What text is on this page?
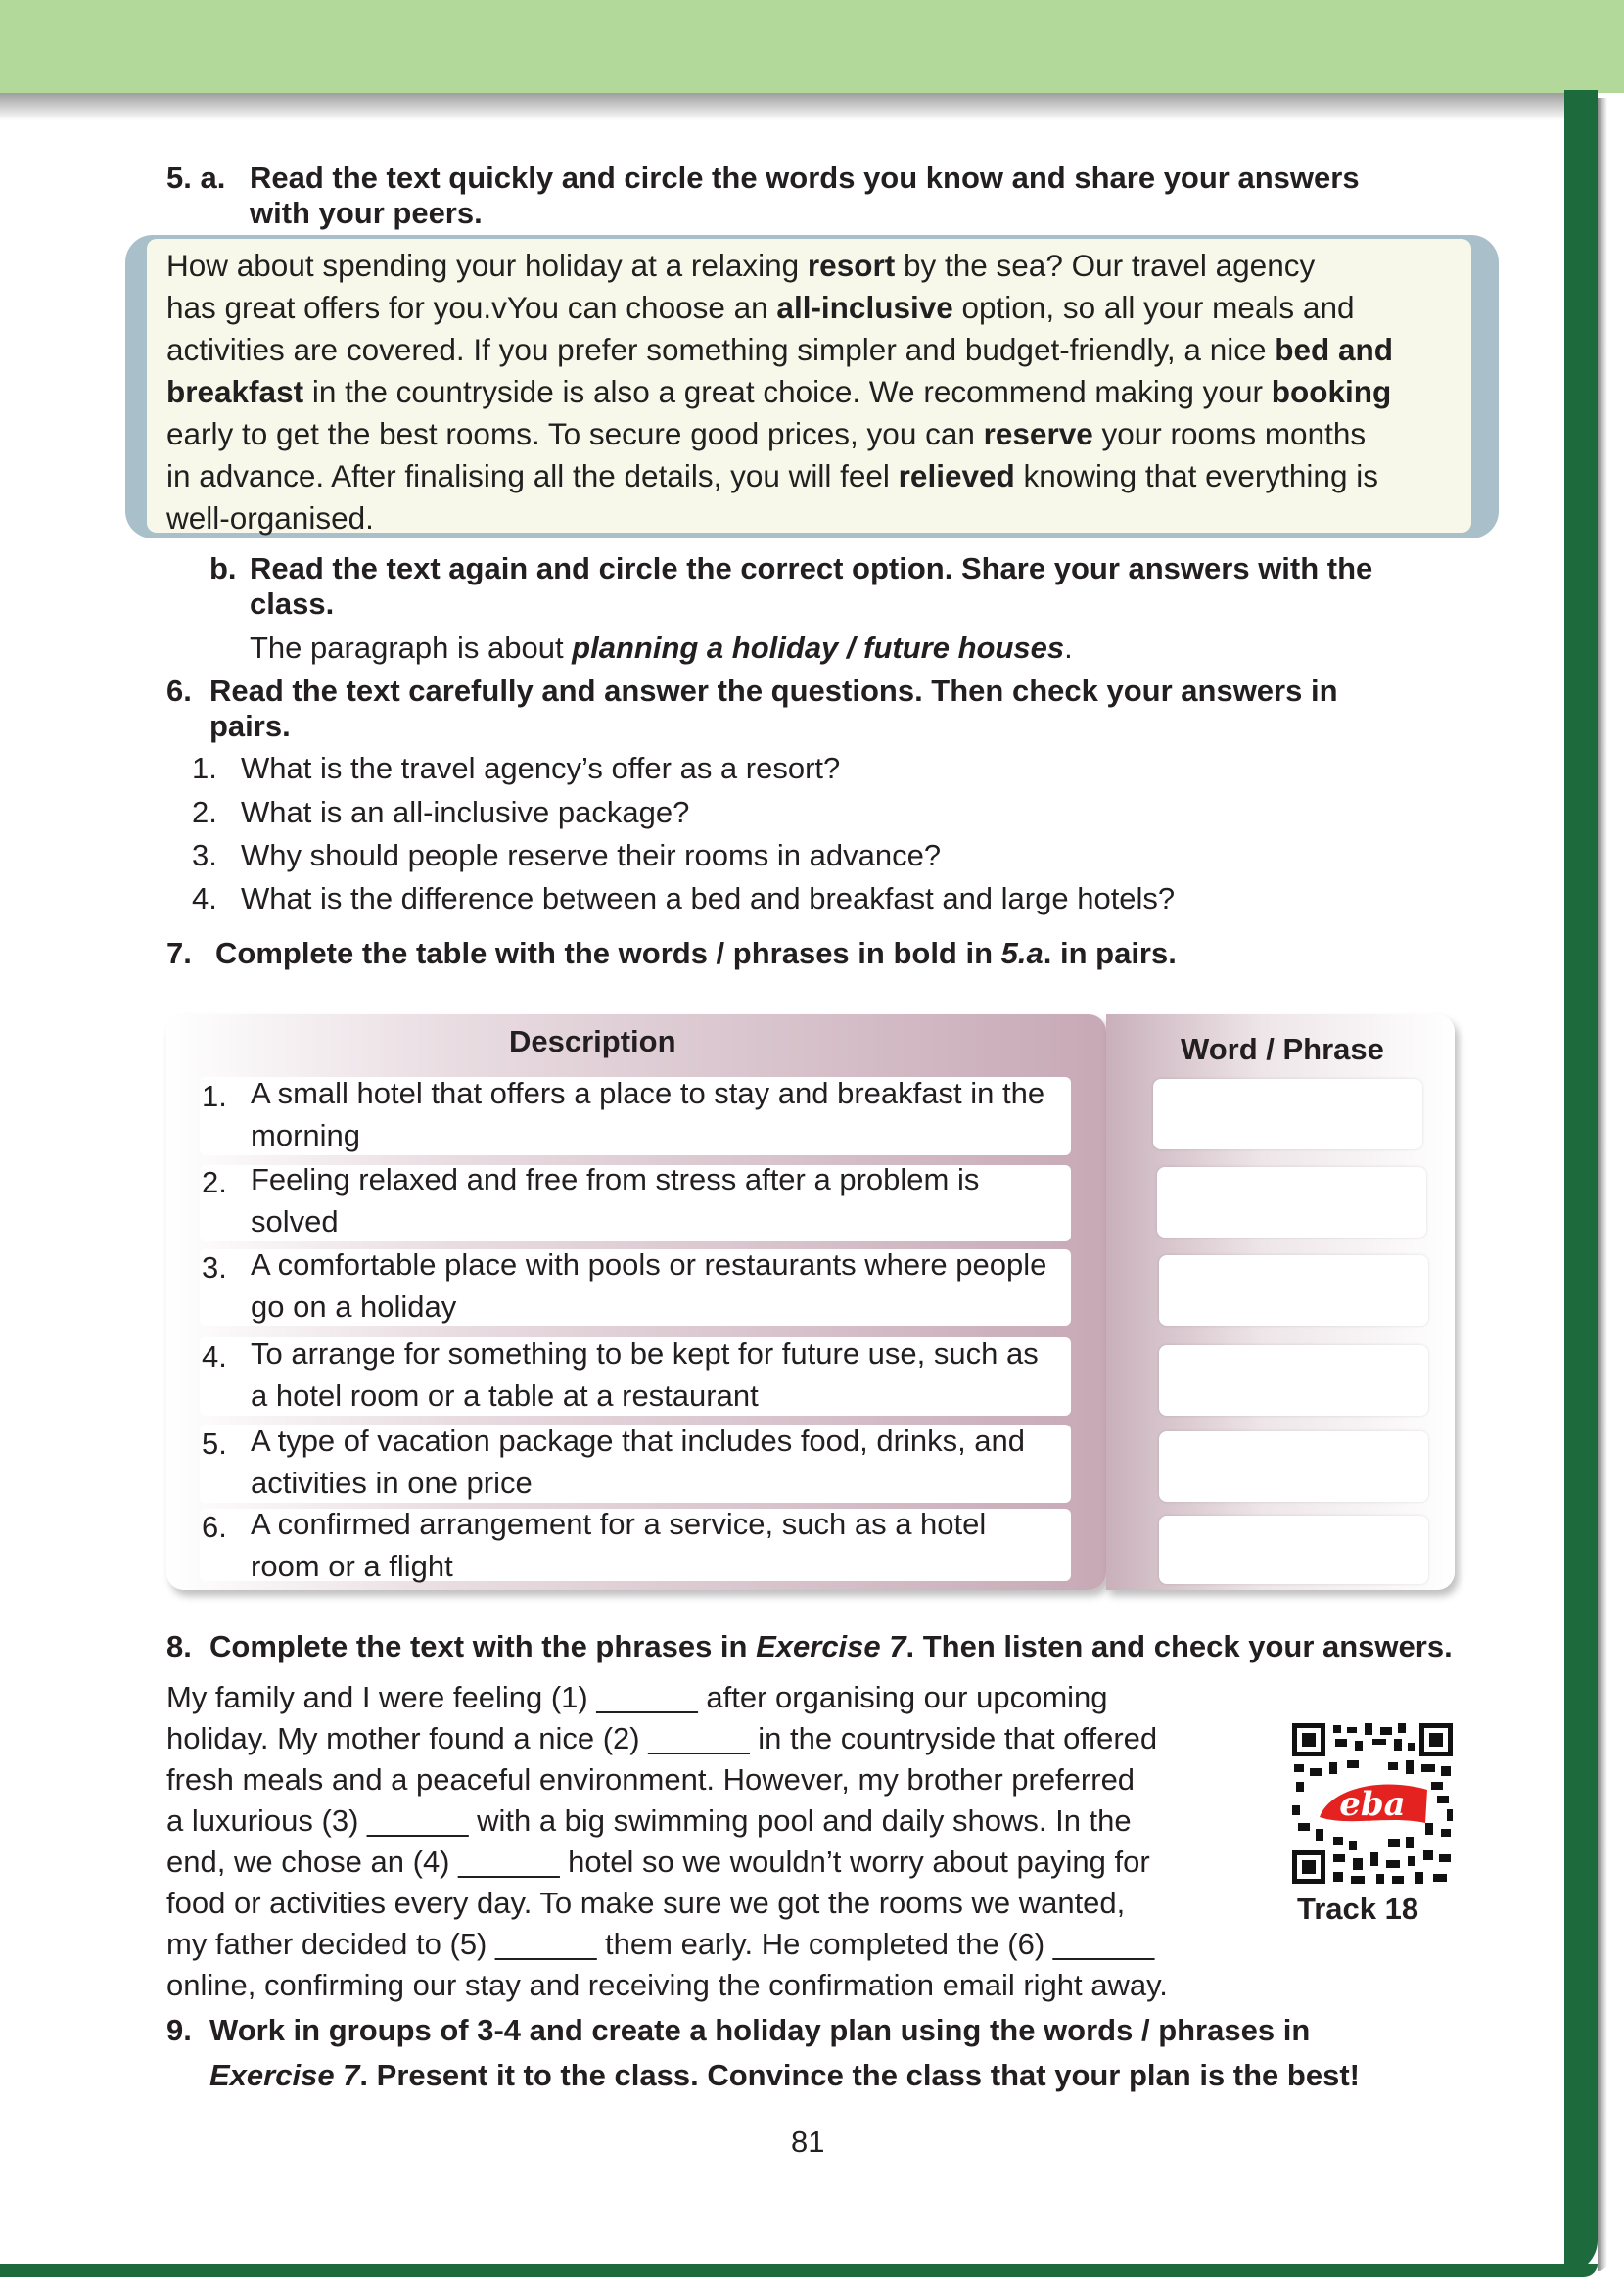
5. a. Read the text quickly and circle the words you know and share your answers
with your peers.
How about spending your holiday at a relaxing resort by the sea? Our travel agency
has great offers for you.vYou can choose an all-inclusive option, so all your meals and
activities are covered. If you prefer something simpler and budget-friendly, a nice bed and
breakfast in the countryside is also a great choice. We recommend making your booking
early to get the best rooms. To secure good prices, you can reserve your rooms months
in advance. After finalising all the details, you will feel relieved knowing that everything is
well-organised.
b. Read the text again and circle the correct option. Share your answers with the
class.
The paragraph is about planning a holiday / future houses.
6. Read the text carefully and answer the questions. Then check your answers in
pairs.
1. What is the travel agency’s offer as a resort?
2. What is an all-inclusive package?
3. Why should people reserve their rooms in advance?
4. What is the difference between a bed and breakfast and large hotels?
7. Complete the table with the words / phrases in bold in 5.a. in pairs.
Description	Word / Phrase
1. A small hotel that offers a place to stay and breakfast in the morning
2. Feeling relaxed and free from stress after a problem is solved
3. A comfortable place with pools or restaurants where people go on a holiday
4. To arrange for something to be kept for future use, such as a hotel room or a table at a restaurant
5. A type of vacation package that includes food, drinks, and activities in one price
6. A confirmed arrangement for a service, such as a hotel room or a flight
8. Complete the text with the phrases in Exercise 7. Then listen and check your answers.
My family and I were feeling (1) ______ after organising our upcoming
holiday. My mother found a nice (2) ______ in the countryside that offered
fresh meals and a peaceful environment. However, my brother preferred
a luxurious (3) ______ with a big swimming pool and daily shows. In the
end, we chose an (4) ______ hotel so we wouldn’t worry about paying for
food or activities every day. To make sure we got the rooms we wanted,
my father decided to (5) ______ them early. He completed the (6) ______
online, confirming our stay and receiving the confirmation email right away.
eba
Track 18
9. Work in groups of 3-4 and create a holiday plan using the words / phrases in
Exercise 7. Present it to the class. Convince the class that your plan is the best!
81
